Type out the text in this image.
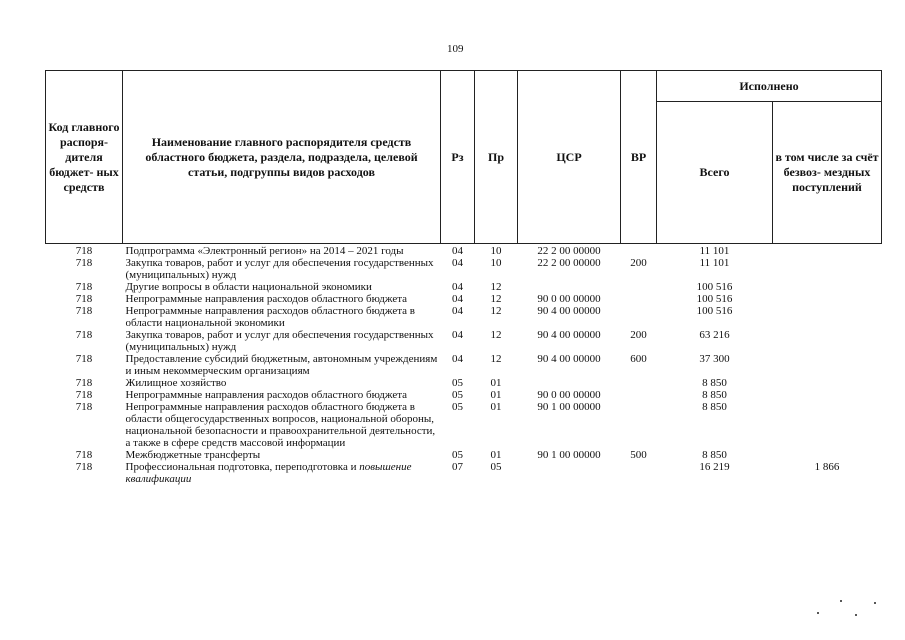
109
Код главного распоря- дителя бюджет- ных средств	Наименование главного распорядителя средств областного бюджета, раздела, подраздела, целевой статьи, подгруппы видов расходов	Рз	Пр	ЦСР	ВР	Исполнено	
						Всего	в том числе за счёт безвоз- мездных поступлений
718	Подпрограмма «Электронный регион» на 2014 – 2021 годы	04	10	22 2 00 00000		11 101	
718	Закупка товаров, работ и услуг для обеспечения государственных (муниципальных) нужд	04	10	22 2 00 00000	200	11 101	
718	Другие вопросы в области национальной экономики	04	12			100 516	
718	Непрограммные направления расходов областного бюджета	04	12	90 0 00 00000		100 516	
718	Непрограммные направления расходов областного бюджета в области национальной экономики	04	12	90 4 00 00000		100 516	
718	Закупка товаров, работ и услуг для обеспечения государственных (муниципальных) нужд	04	12	90 4 00 00000	200	63 216	
718	Предоставление субсидий бюджетным, автономным учреждениям и иным некоммерческим организациям	04	12	90 4 00 00000	600	37 300	
718	Жилищное хозяйство	05	01			8 850	
718	Непрограммные направления расходов областного бюджета	05	01	90 0 00 00000		8 850	
718	Непрограммные направления расходов областного бюджета в области общегосударственных вопросов, национальной обороны, национальной безопасности и правоохранительной деятельности, а также в сфере средств массовой информации	05	01	90 1 00 00000		8 850	
718	Межбюджетные трансферты	05	01	90 1 00 00000	500	8 850	
718	Профессиональная подготовка, переподготовка и повышение квалификации	07	05			16 219	1 866
